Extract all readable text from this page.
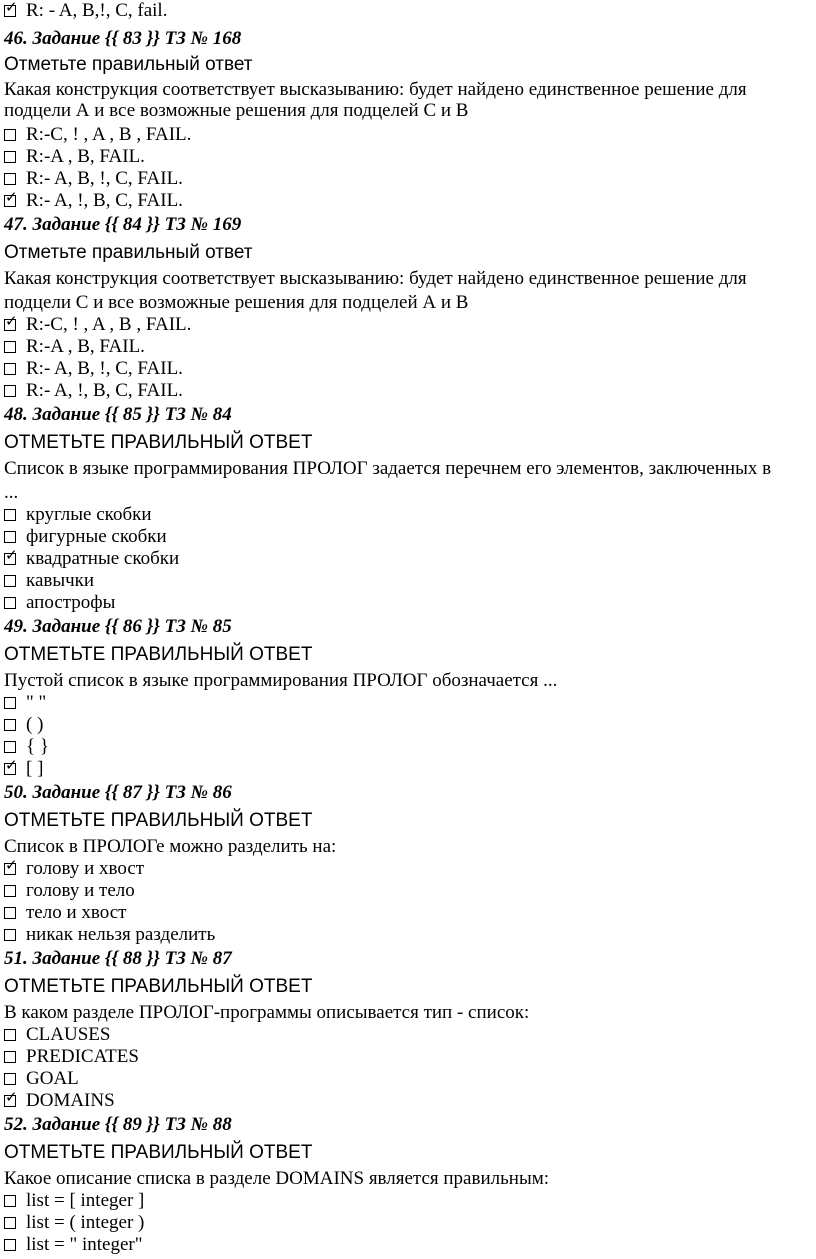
✓ R: - A, B,!, C, fail.
46. Задание {{ 83 }} ТЗ № 168
Отметьте правильный ответ
Какая конструкция соответствует высказыванию: будет найдено единственное решение для
подцели А и все возможные решения для подцелей С и В
R:-C, ! , A , B , FAIL.
R:-A , B, FAIL.
R:- A, B, !, C, FAIL.
✓ R:- A, !, B, C, FAIL.
47. Задание {{ 84 }} ТЗ № 169
Отметьте правильный ответ
Какая конструкция соответствует высказыванию: будет найдено единственное решение для
подцели С и все возможные решения для подцелей А и В
✓ R:-C, ! , A , B , FAIL.
R:-A , B, FAIL.
R:- A, B, !, C, FAIL.
R:- A, !, B, C, FAIL.
48. Задание {{ 85 }} ТЗ № 84
ОТМЕТЬТЕ ПРАВИЛЬНЫЙ ОТВЕТ
Список в языке программирования ПРОЛОГ задается перечнем его элементов, заключенных в
...
круглые скобки
фигурные скобки
✓ квадратные скобки
кавычки
апострофы
49. Задание {{ 86 }} ТЗ № 85
ОТМЕТЬТЕ ПРАВИЛЬНЫЙ ОТВЕТ
Пустой список в языке программирования ПРОЛОГ обозначается ...
" "
( )
{ }
✓ [ ]
50. Задание {{ 87 }} ТЗ № 86
ОТМЕТЬТЕ ПРАВИЛЬНЫЙ ОТВЕТ
Список в ПРОЛОГе можно разделить на:
✓ голову и хвост
голову и тело
тело и хвост
никак нельзя разделить
51. Задание {{ 88 }} ТЗ № 87
ОТМЕТЬТЕ ПРАВИЛЬНЫЙ ОТВЕТ
В каком разделе ПРОЛОГ-программы описывается тип - список:
CLAUSES
PREDICATES
GOAL
✓ DOMAINS
52. Задание {{ 89 }} ТЗ № 88
ОТМЕТЬТЕ ПРАВИЛЬНЫЙ ОТВЕТ
Какое описание списка в разделе DOMAINS является правильным:
list = [ integer ]
list = ( integer )
list = " integer"
